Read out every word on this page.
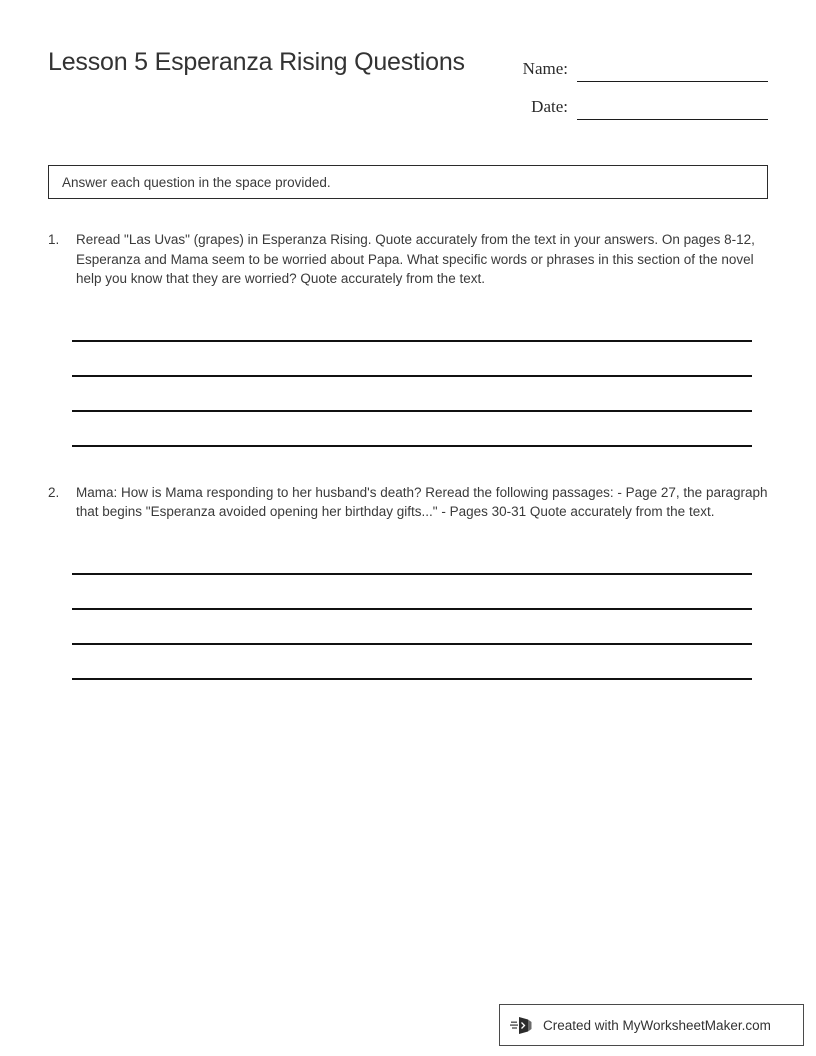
Lesson 5 Esperanza Rising Questions	Name:
Date:
Answer each question in the space provided.
1.	Reread "Las Uvas" (grapes) in Esperanza Rising. Quote accurately from the text in your answers. On pages 8-12, Esperanza and Mama seem to be worried about Papa. What specific words or phrases in this section of the novel help you know that they are worried? Quote accurately from the text.
2.	Mama: How is Mama responding to her husband's death? Reread the following passages: - Page 27, the paragraph that begins "Esperanza avoided opening her birthday gifts..." - Pages 30-31 Quote accurately from the text.
Created with MyWorksheetMaker.com
